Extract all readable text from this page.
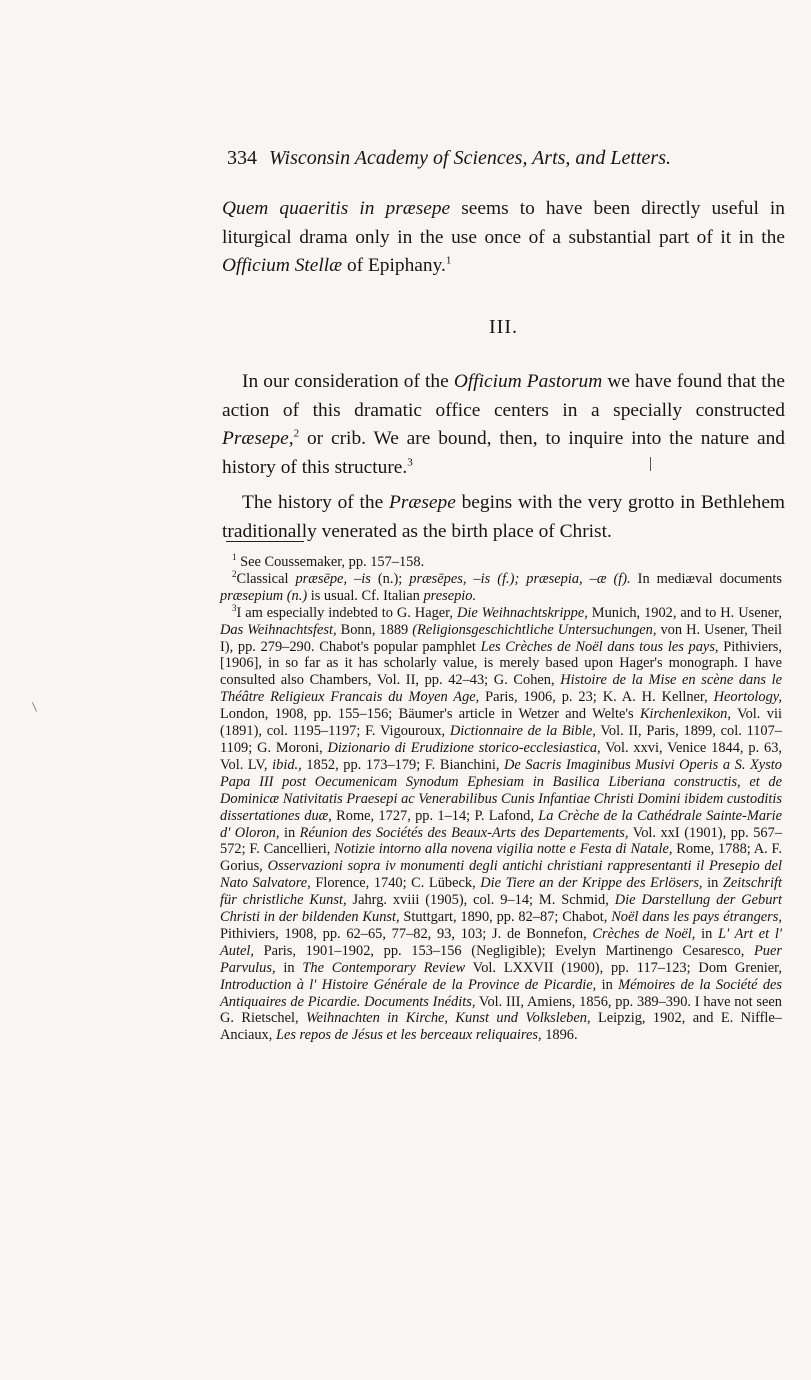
334 Wisconsin Academy of Sciences, Arts, and Letters.

Quem quaeritis in præsepe seems to have been directly useful in liturgical drama only in the use once of a substantial part of it in the Officium Stellæ of Epiphany.$^1$

III.

In our consideration of the Officium Pastorum we have found that the action of this dramatic office centers in a specially constructed Præsepe,$^2$ or crib. We are bound, then, to inquire into the nature and history of this structure.$^3$

The history of the Præsepe begins with the very grotto in Bethlehem traditionally venerated as the birth place of Christ.

$^1$ See Coussemaker, pp. 157–158.

$^2$Classical præsēpe, –is (n.); præsēpes, –is (f.); præsepia, –æ (f). In mediæval documents præsepium (n.) is usual. Cf. Italian presepio.

$^3$I am especially indebted to G. Hager, Die Weihnachtskrippe, Munich, 1902, and to H. Usener, Das Weihnachtsfest, Bonn, 1889 (Religionsgeschichtliche Untersuchungen, von H. Usener, Theil I), pp. 279–290. Chabot's popular pamphlet Les Crèches de Noël dans tous les pays, Pithiviers, [1906], in so far as it has scholarly value, is merely based upon Hager's monograph. I have consulted also Chambers, Vol. II, pp. 42–43; G. Cohen, Histoire de la Mise en scène dans le Théâtre Religieux Francais du Moyen Age, Paris, 1906, p. 23; K. A. H. Kellner, Heortology, London, 1908, pp. 155–156; Bäumer's article in Wetzer and Welte's Kirchenlexikon, Vol. vii (1891), col. 1195–1197; F. Vigouroux, Dictionnaire de la Bible, Vol. II, Paris, 1899, col. 1107–1109; G. Moroni, Dizionario di Erudizione storico-ecclesiastica, Vol. xxvi, Venice 1844, p. 63, Vol. LV, ibid., 1852, pp. 173–179; F. Bianchini, De Sacris Imaginibus Musivi Operis a S. Xysto Papa III post Oecumenicam Synodum Ephesiam in Basilica Liberiana constructis, et de Dominicæ Nativitatis Praesepi ac Venerabilibus Cunis Infantiae Christi Domini ibidem custoditis dissertationes duæ, Rome, 1727, pp. 1–14; P. Lafond, La Crèche de la Cathédrale Sainte-Marie d' Oloron, in Réunion des Sociétés des Beaux-Arts des Departements, Vol. xxI (1901), pp. 567–572; F. Cancellieri, Notizie intorno alla novena vigilia notte e Festa di Natale, Rome, 1788; A. F. Gorius, Osservazioni sopra iv monumenti degli antichi christiani rappresentanti il Presepio del Nato Salvatore, Florence, 1740; C. Lübeck, Die Tiere an der Krippe des Erlösers, in Zeitschrift für christliche Kunst, Jahrg. xviii (1905), col. 9–14; M. Schmid, Die Darstellung der Geburt Christi in der bildenden Kunst, Stuttgart, 1890, pp. 82–87; Chabot, Noël dans les pays étrangers, Pithiviers, 1908, pp. 62–65, 77–82, 93, 103; J. de Bonnefon, Crèches de Noël, in L' Art et l' Autel, Paris, 1901–1902, pp. 153–156 (Negligible); Evelyn Martinengo Cesaresco, Puer Parvulus, in The Contemporary Review Vol. LXXVII (1900), pp. 117–123; Dom Grenier, Introduction à l' Histoire Générale de la Province de Picardie, in Mémoires de la Société des Antiquaires de Picardie. Documents Inédits, Vol. III, Amiens, 1856, pp. 389–390. I have not seen G. Rietschel, Weihnachten in Kirche, Kunst und Volksleben, Leipzig, 1902, and E. Niffle–Anciaux, Les repos de Jésus et les berceaux reliquaires, 1896.
